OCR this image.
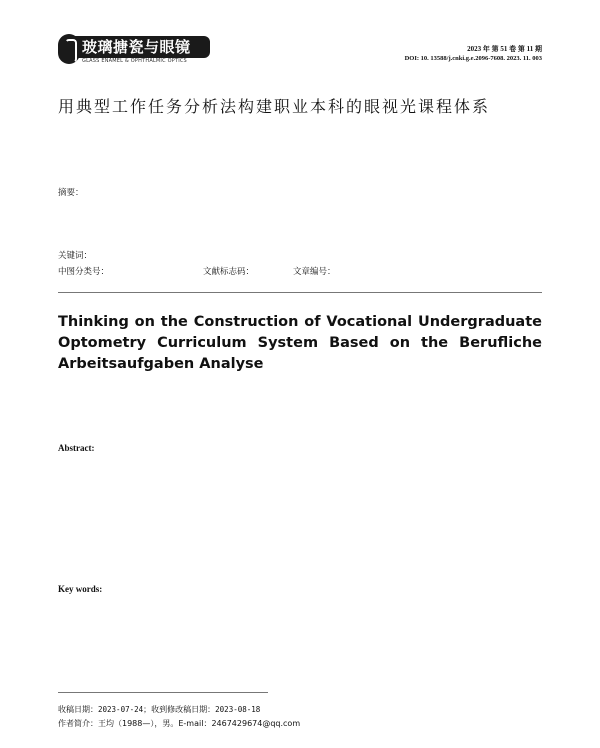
玻璃搪瓷与眼镜
GLASS ENAMEL & OPHTHALMIC OPTICS
2023 年 第 51 卷 第 11 期
DOI: 10. 13588/j.cnki.g.e.2096-7608. 2023. 11. 003
用典型工作任务分析法构建职业本科的眼视光课程体系
摘要：
关键词：
中图分类号：	文献标志码：	文章编号：
Thinking on the Construction of Vocational Undergraduate Optometry Curriculum System Based on the Berufliche Arbeitsaufgaben Analyse
Abstract:
Key words:
收稿日期：2023-07-24；收到修改稿日期：2023-08-18
作者简介：王均（1988—），男。E-mail：2467429674@qq.com
